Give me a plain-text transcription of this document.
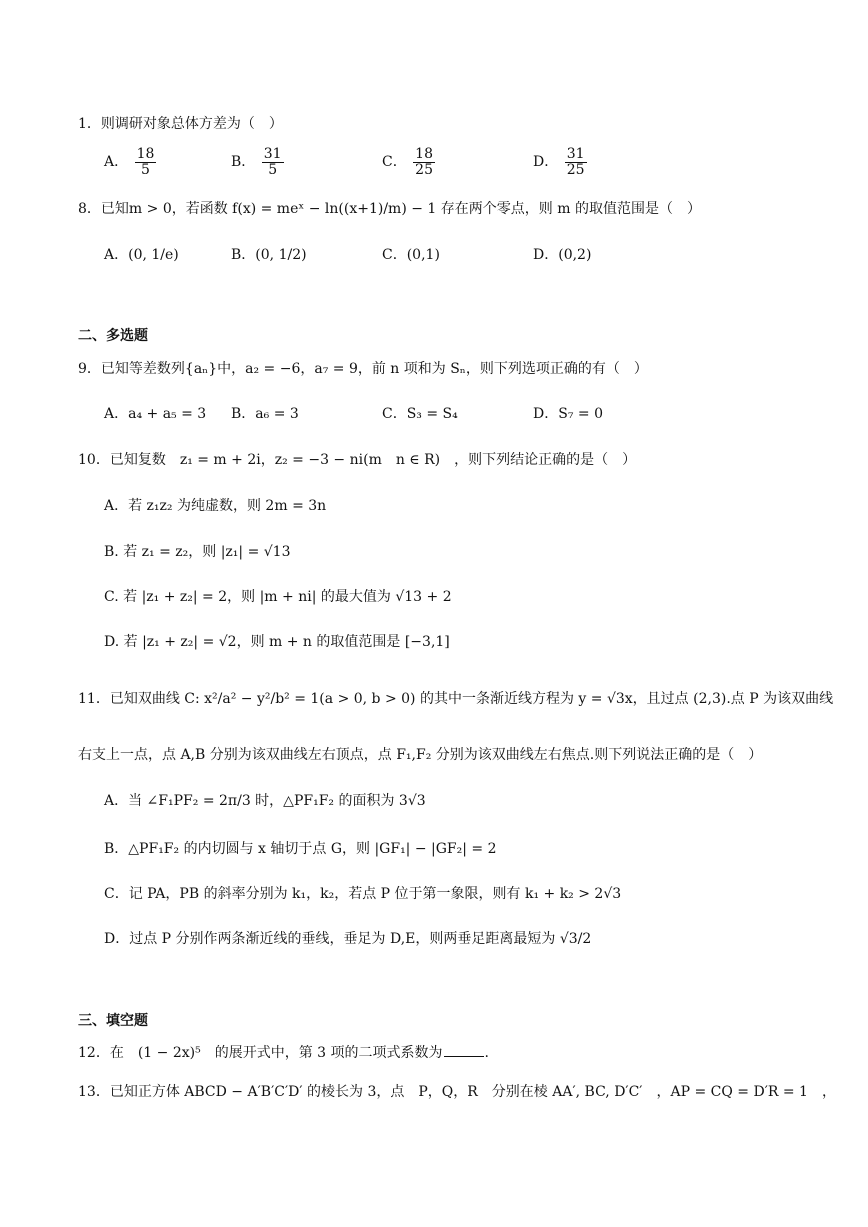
1．则调研对象总体方差为（　）
A． $\frac{18}{5}$	B． $\frac{31}{5}$	C． $\frac{18}{25}$	D． $\frac{31}{25}$
8．已知m > 0，若函数 f(x) = meˣ − ln((x+1)/m) − 1 存在两个零点，则 m 的取值范围是（　）
A．(0, 1/e)	B．(0, 1/2)	C．(0,1)	D．(0,2)
二、多选题
9．已知等差数列{aₙ}中，a₂ = −6，a₇ = 9，前 n 项和为 Sₙ，则下列选项正确的有（　）
A．a₄ + a₅ = 3 B．a₆ = 3	C．S₃ = S₄	D．S₇ = 0
10．已知复数　z₁ = m + 2i，z₂ = −3 − ni(m　n ∈ R)　，则下列结论正确的是（　）
A．若 z₁z₂ 为纯虚数，则 2m = 3n
B. 若 z₁ = z₂，则 |z₁| = √13
C. 若 |z₁ + z₂| = 2，则 |m + ni| 的最大值为 √13 + 2
D. 若 |z₁ + z₂| = √2，则 m + n 的取值范围是 [−3,1]
11．已知双曲线 C: x²/a² − y²/b² = 1(a > 0, b > 0) 的其中一条渐近线方程为 y = √3x，且过点 (2,3).点 P 为该双曲线
右支上一点，点 A,B 分别为该双曲线左右顶点，点 F₁,F₂ 分别为该双曲线左右焦点.则下列说法正确的是（　）
A．当 ∠F₁PF₂ = 2π/3 时，△PF₁F₂ 的面积为 3√3
B．△PF₁F₂ 的内切圆与 x 轴切于点 G，则 |GF₁| − |GF₂| = 2
C．记 PA，PB 的斜率分别为 k₁，k₂，若点 P 位于第一象限，则有 k₁ + k₂ > 2√3
D．过点 P 分别作两条渐近线的垂线，垂足为 D,E，则两垂足距离最短为 √3/2
三、填空题
12．在　(1 − 2x)⁵　的展开式中，第 3 项的二项式系数为	.
13．已知正方体 ABCD − A′B′C′D′ 的棱长为 3，点　P，Q，R　分别在棱 AA′, BC, D′C′　，AP = CQ = D′R = 1　，
